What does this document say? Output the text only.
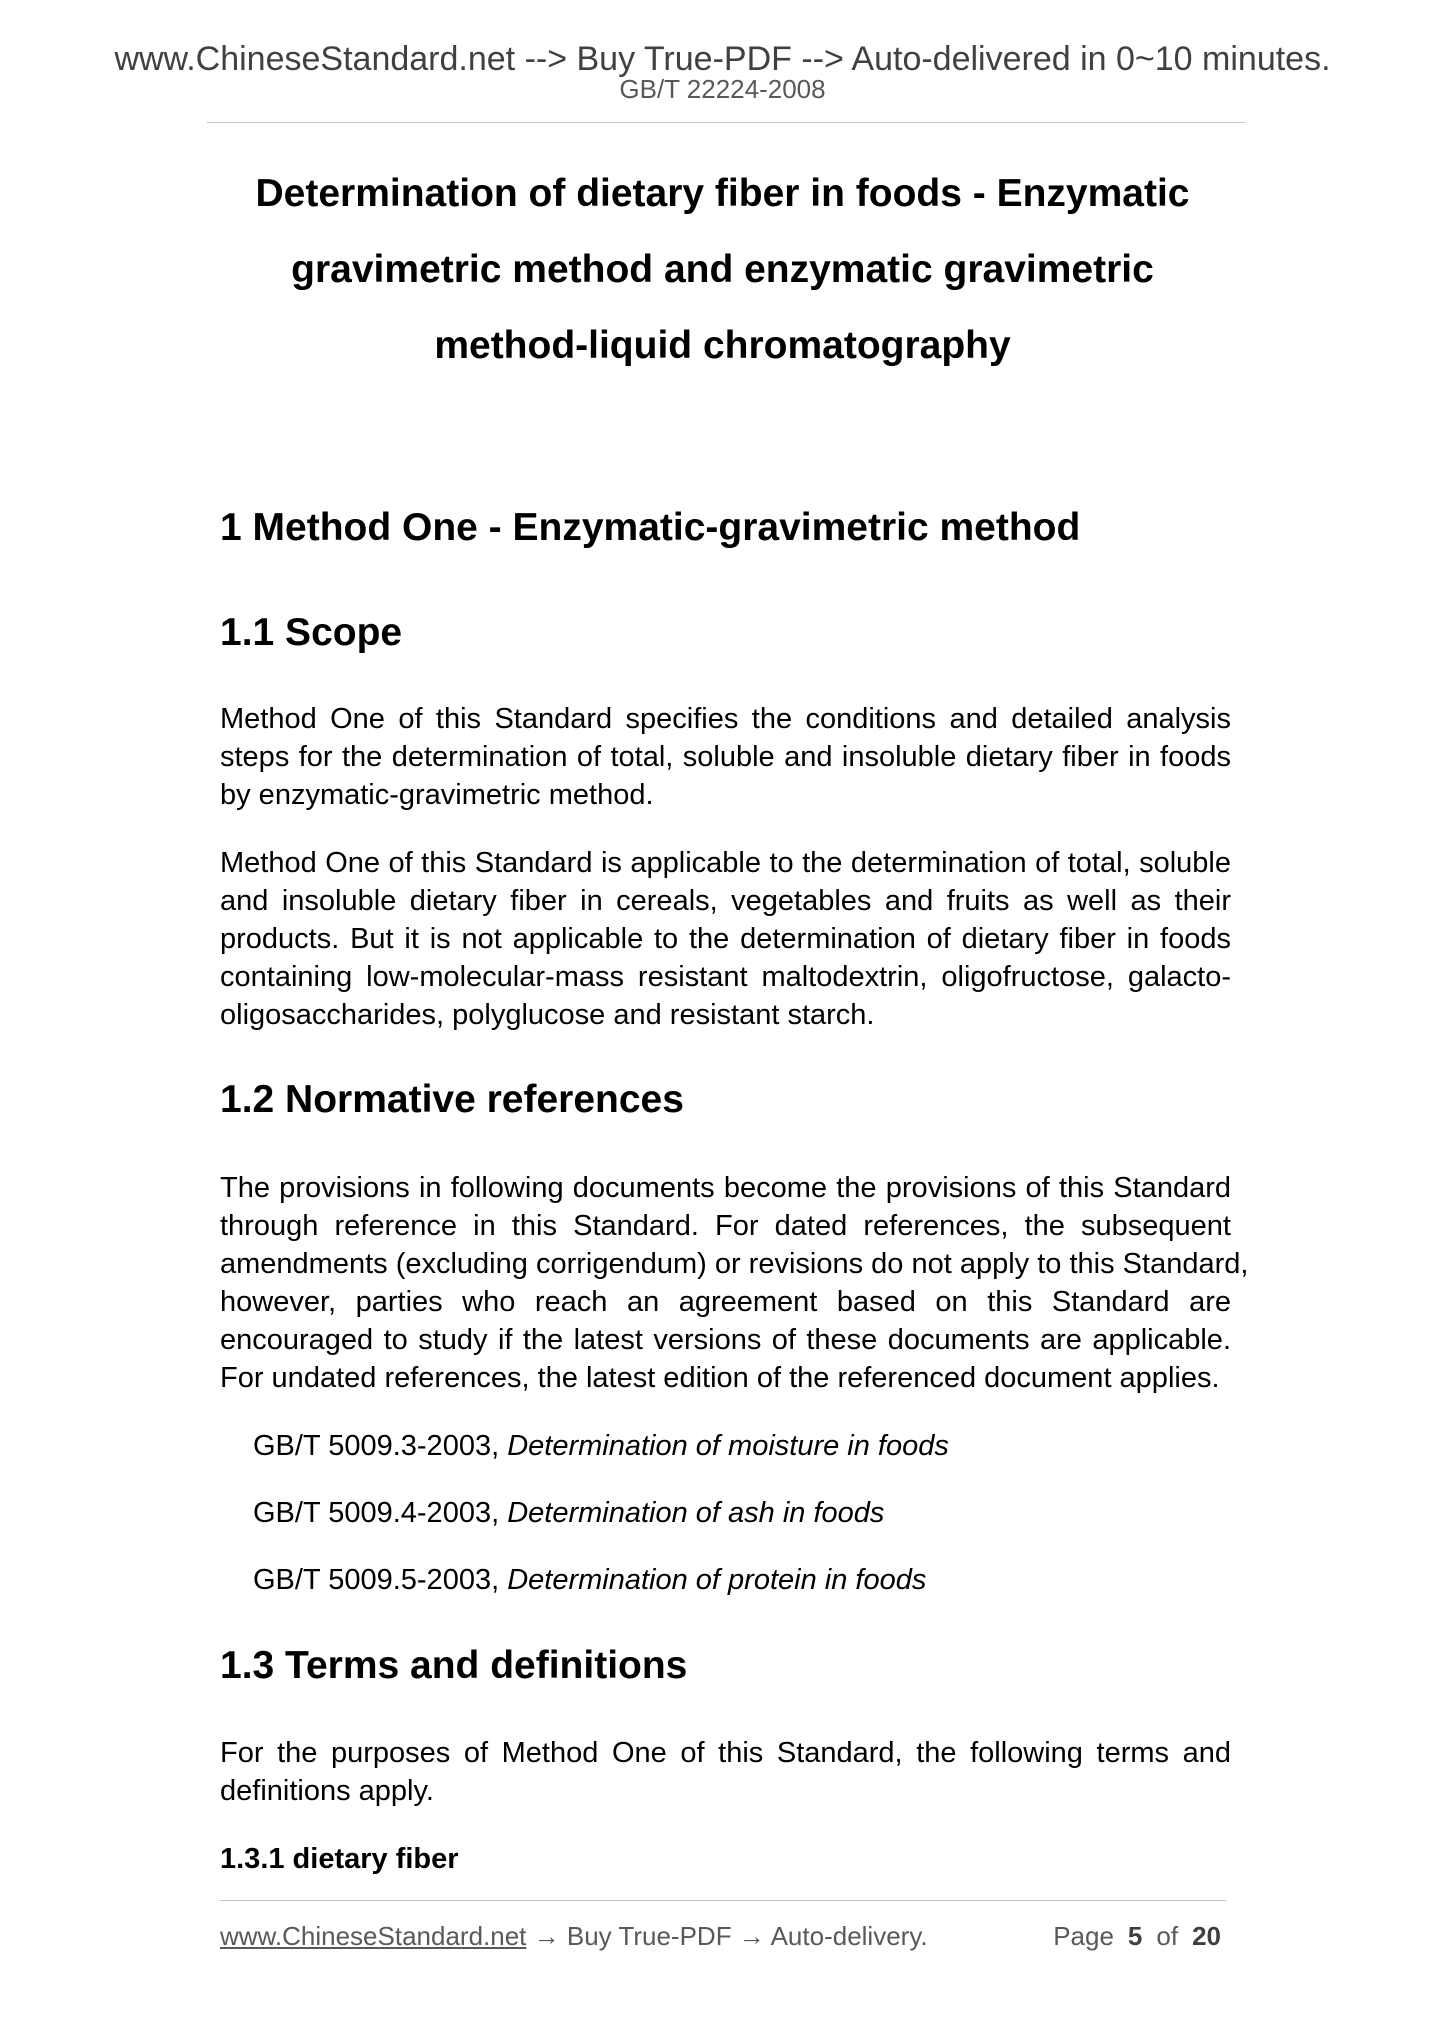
www.ChineseStandard.net --> Buy True-PDF --> Auto-delivered in 0~10 minutes.
GB/T 22224-2008
Determination of dietary fiber in foods - Enzymatic
gravimetric method and enzymatic gravimetric
method-liquid chromatography
1 Method One - Enzymatic-gravimetric method
1.1 Scope
Method One of this Standard specifies the conditions and detailed analysis
steps for the determination of total, soluble and insoluble dietary fiber in foods
by enzymatic-gravimetric method.
Method One of this Standard is applicable to the determination of total, soluble
and insoluble dietary fiber in cereals, vegetables and fruits as well as their
products. But it is not applicable to the determination of dietary fiber in foods
containing low-molecular-mass resistant maltodextrin, oligofructose, galacto-
oligosaccharides, polyglucose and resistant starch.
1.2 Normative references
The provisions in following documents become the provisions of this Standard
through reference in this Standard. For dated references, the subsequent
amendments (excluding corrigendum) or revisions do not apply to this Standard,
however, parties who reach an agreement based on this Standard are
encouraged to study if the latest versions of these documents are applicable.
For undated references, the latest edition of the referenced document applies.
GB/T 5009.3-2003, Determination of moisture in foods
GB/T 5009.4-2003, Determination of ash in foods
GB/T 5009.5-2003, Determination of protein in foods
1.3 Terms and definitions
For the purposes of Method One of this Standard, the following terms and
definitions apply.
1.3.1 dietary fiber
www.ChineseStandard.net → Buy True-PDF → Auto-delivery.	Page 5 of 20
